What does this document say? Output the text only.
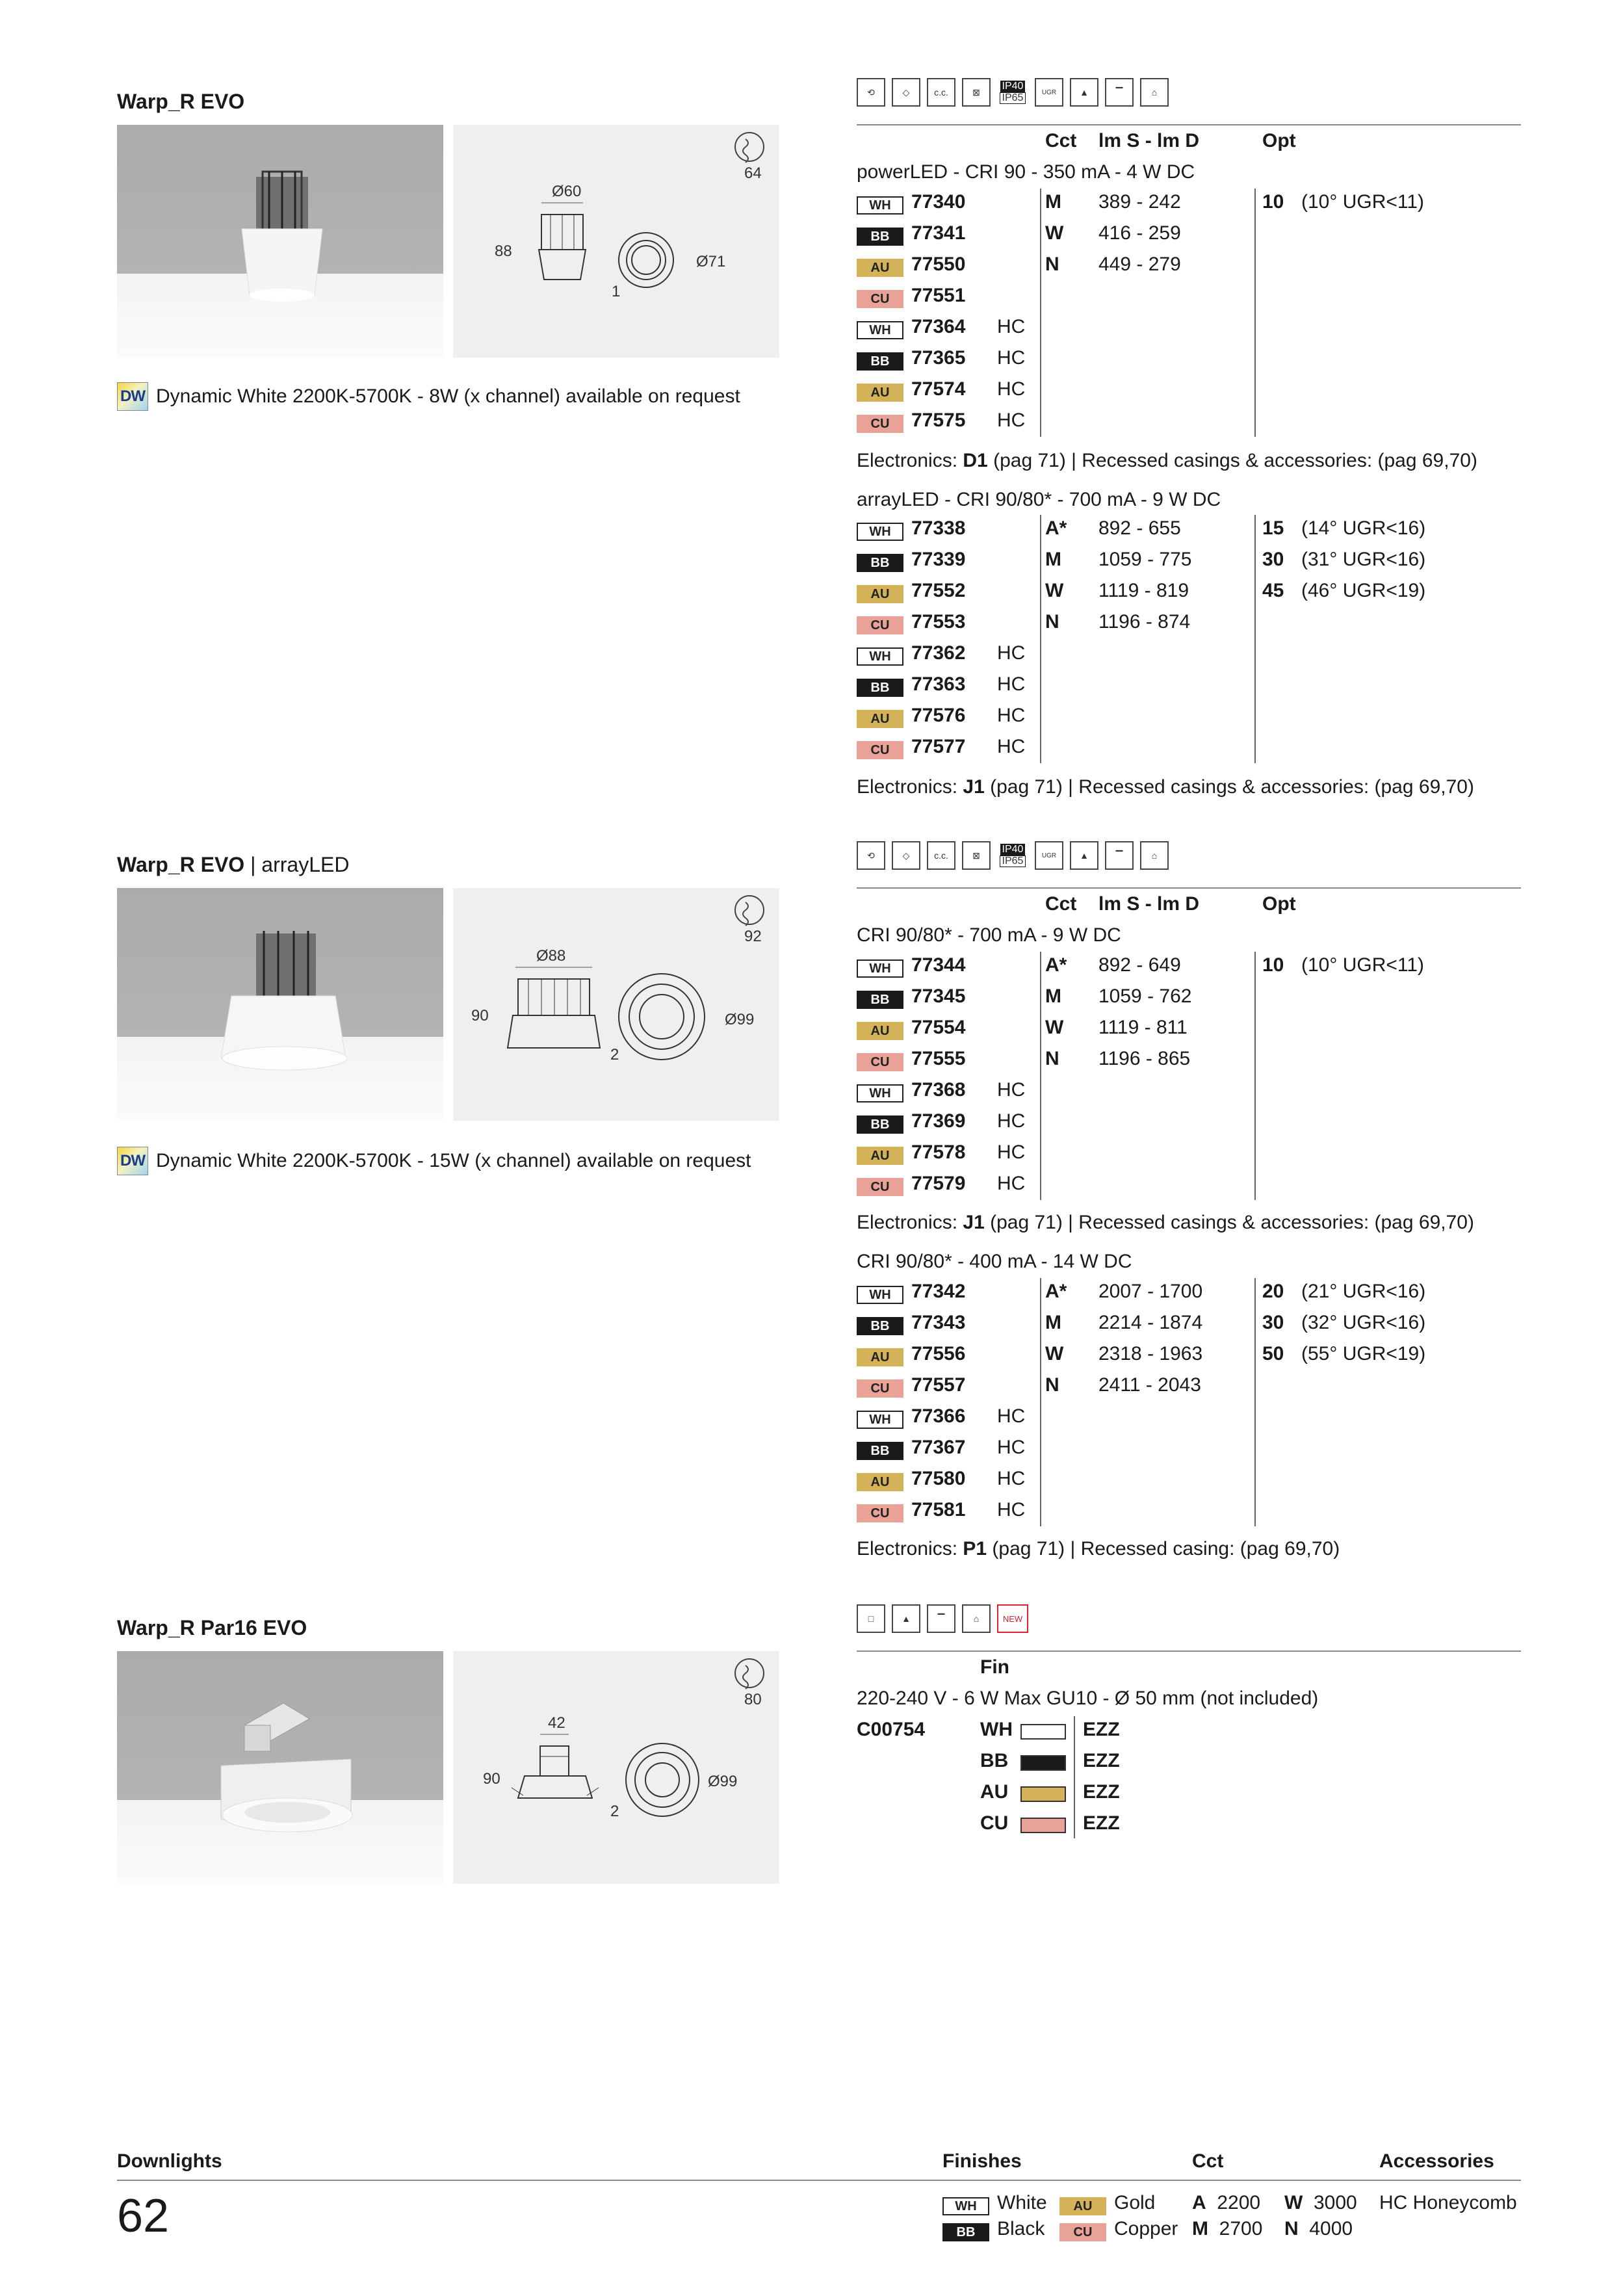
Warp_R EVO
64
Ø60
88
1
Ø71
DW Dynamic White 2200K-5700K - 8W (x channel) available on request
⟲	◇	c.c.	⊠
IP40
IP65	UGR	▲	▔	⌂
Cct lm S - lm D	Opt
powerLED - CRI 90 - 350 mA - 4 W DC
WH	77340	M 389 - 242	10 (10° UGR<11)
BB	77341	W 416 - 259
AU	77550	N 449 - 279
CU	77551
WH	77364 HC
BB	77365 HC
AU	77574 HC
CU	77575 HC
Electronics: D1 (pag 71) | Recessed casings & accessories: (pag 69,70)
arrayLED - CRI 90/80* - 700 mA - 9 W DC
WH	77338	A* 892 - 655	15 (14° UGR<16)
BB	77339	M 1059 - 775	30 (31° UGR<16)
AU	77552	W 1119 - 819	45 (46° UGR<19)
CU	77553	N 1196 - 874
WH	77362 HC
BB	77363 HC
AU	77576 HC
CU	77577 HC
Electronics: J1 (pag 71) | Recessed casings & accessories: (pag 69,70)
Warp_R EVO | arrayLED
92
Ø88
90
2
Ø99
DW Dynamic White 2200K-5700K - 15W (x channel) available on request
⟲	◇	c.c.	⊠
IP40
IP65	UGR	▲	▔	⌂
Cct lm S - lm D	Opt
CRI 90/80* - 700 mA - 9 W DC
WH	77344	A* 892 - 649	10 (10° UGR<11)
BB	77345	M 1059 - 762
AU	77554	W 1119 - 811
CU	77555	N 1196 - 865
WH	77368 HC
BB	77369 HC
AU	77578 HC
CU	77579 HC
Electronics: J1 (pag 71) | Recessed casings & accessories: (pag 69,70)
CRI 90/80* - 400 mA - 14 W DC
WH	77342	A* 2007 - 1700	20 (21° UGR<16)
BB	77343	M 2214 - 1874	30 (32° UGR<16)
AU	77556	W 2318 - 1963	50 (55° UGR<19)
CU	77557	N 2411 - 2043
WH	77366 HC
BB	77367 HC
AU	77580 HC
CU	77581 HC
Electronics: P1 (pag 71) | Recessed casing: (pag 69,70)
Warp_R Par16 EVO
80
42
90
2
Ø99
□	▲	▔	⌂	NEW
Fin
220-240 V - 6 W Max GU10 - Ø 50 mm (not included)
C00754	WH	EZZ
BB	EZZ
AU	EZZ
CU	EZZ
Downlights	Finishes	Cct	Accessories
62	WH	White
BB	Black
AU	Gold
CU	Copper
A 2200 W 3000
M 2700 N 4000
HC Honeycomb
